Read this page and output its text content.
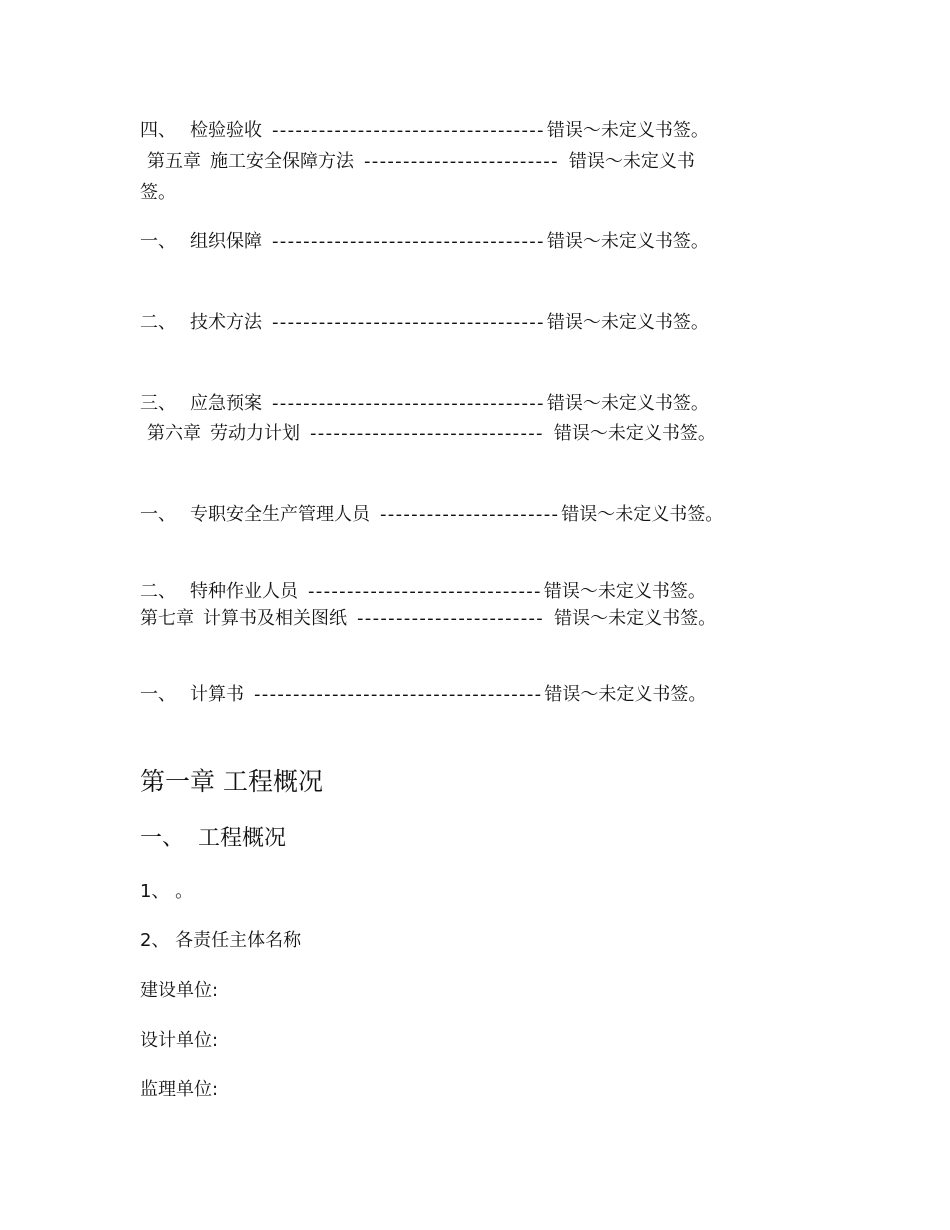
四、 检验验收 ----------------------------------- 错误～未定义书签。
第五章 施工安全保障方法 ------------------------- 错误～未定义书
签。
一、 组织保障 ----------------------------------- 错误～未定义书签。
二、 技术方法 ----------------------------------- 错误～未定义书签。
三、 应急预案 ----------------------------------- 错误～未定义书签。
第六章 劳动力计划 ------------------------------ 错误～未定义书签。
一、 专职安全生产管理人员 ----------------------- 错误～未定义书签。
二、 特种作业人员 ------------------------------ 错误～未定义书签。
第七章 计算书及相关图纸 ------------------------ 错误～未定义书签。
一、 计算书 ------------------------------------- 错误～未定义书签。
第一章 工程概况
一、 工程概况
1、 。
2、 各责任主体名称
建设单位:
设计单位:
监理单位:
